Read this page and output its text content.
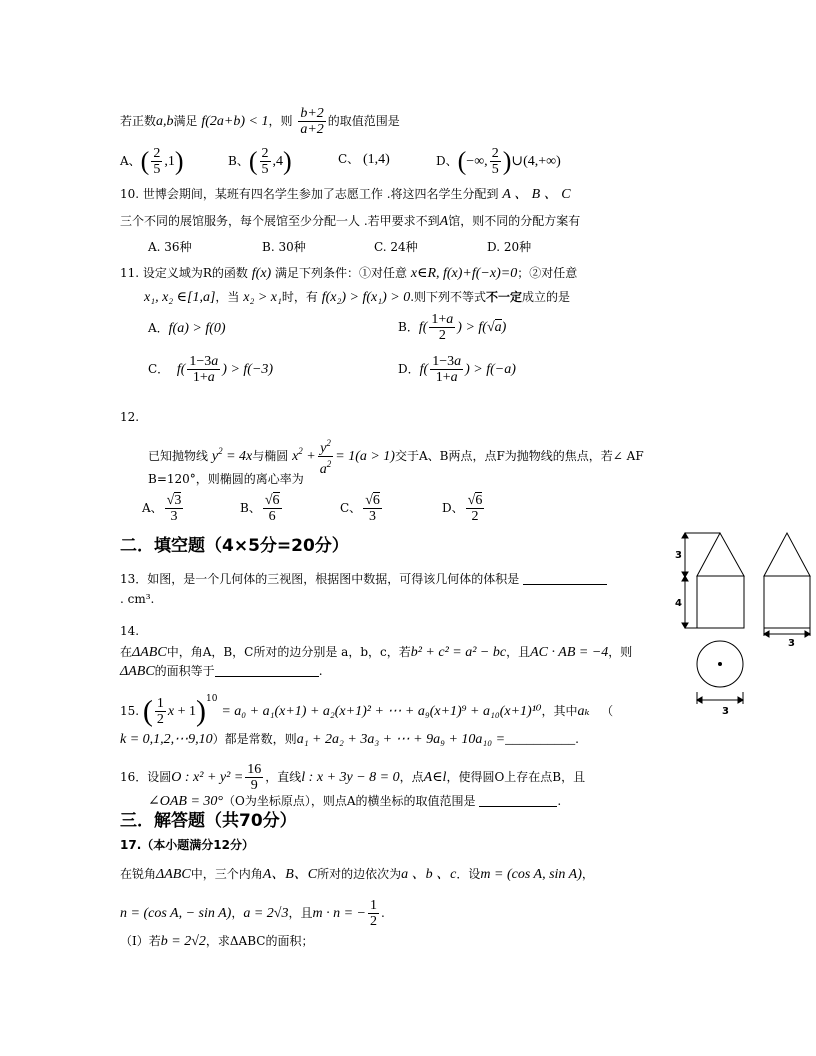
若正数a,b满足 f(2a+b) < 1，则 $\frac{b+2}{a+2}$ 的取值范围是
A、( $\frac{2}{5} ,1$)	B、( $\frac{2}{5} ,4$)	C、 (1,4)	D、(−∞, $\frac{2}{5}$ )∪(4,+∞)
10. 世博会期间，某班有四名学生参加了志愿工作 .将这四名学生分配到 A 、 B 、 C
三个不同的展馆服务，每个展馆至少分配一人 .若甲要求不到A馆，则不同的分配方案有
A. 36种	B. 30种	C. 24种	D. 20种
11. 设定义域为R的函数 f(x) 满足下列条件：①对任意 x∈R, f(x)+f(−x)=0；②对任意
x₁, x₂ ∈[1,a]，当 x₂ > x₁时，有 f(x₂) > f(x₁) > 0.则下列不等式不一定成立的是
A．f(a) > f(0)	B．$f( \frac{1+a}{2}$ ) > f(√a)
C． $f( \frac{1-3a}{1+a}$ ) > f(−3)	D．$f( \frac{1-3a}{1+a}$ ) > f(−a)
12.
已知抛物线 $y^2 = 4x$与椭圆 $x^2 + \frac{y^2}{a^2} = 1(a > 1)$交于A、B两点，点F为抛物线的焦点，若∠ AF
B=120°，则椭圆的离心率为
A、 $\frac{√3}{3}$	B、 $\frac{√6}{6}$	C、 $\frac{√6}{3}$	D、 $\frac{√6}{2}$
二．填空题（4×5分=20分）
13．如图，是一个几何体的三视图，根据图中数据，可得该几何体的体积是
. cm³.
14.
在ΔABC中，角A，B，C所对的边分别是 a，b，c，若b² + c² = a² − bc，且AC · AB = −4，则
ΔABC的面积等于	.
15. ( $\frac{1}{2}$ x + 1)$^{10}$ = a₀ + a₁(x+1) + a₂(x+1)² + ⋯ + a₉(x+1)⁹ + a₁₀(x+1)¹⁰，其中aₖ （
k = 0,1,2,⋯9,10）都是常数，则a₁ + 2a₂ + 3a₃ + ⋯ + 9a₉ + 10a₁₀ =__________.
16．设圆O : $x^2 + y^2 = \frac{16}{9}$ ，直线l : x + 3y − 8 = 0，点A∈l，使得圆O上存在点B，且
∠OAB = 30°（O为坐标原点），则点A的横坐标的取值范围是	.
三．解答题（共70分）
17.（本小题满分12分）
在锐角ΔABC中，三个内角A、B、C所对的边依次为a 、b 、c．设m = (cos A, sin A)，
n = (cos A, − sin A)，a = 2√3，且m · n = − $\frac{1}{2}$ .
（Ⅰ）若b = 2√2，求ΔABC的面积；
3
4
3
3
